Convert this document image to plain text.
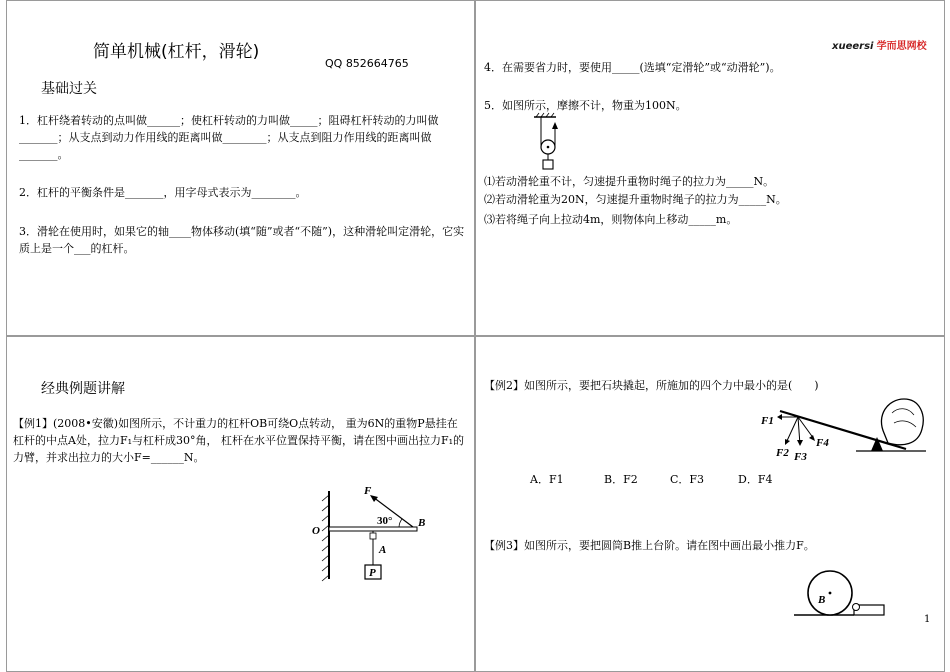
简单机械(杠杆，滑轮)
QQ 852664765
基础过关
1．杠杆绕着转动的点叫做______；使杠杆转动的力叫做_____；阻碍杠杆转动的力叫做_______；从支点到动力作用线的距离叫做________；从支点到阻力作用线的距离叫做_______。
2．杠杆的平衡条件是_______，用字母式表示为________。
3．滑轮在使用时，如果它的轴____物体移动(填“随”或者“不随”)，这种滑轮叫定滑轮，它实质上是一个___的杠杆。
xueersi 学而思网校
4．在需要省力时，要使用_____(选填“定滑轮”或“动滑轮”)。
5．如图所示，摩擦不计，物重为100N。
⑴若动滑轮重不计，匀速提升重物时绳子的拉力为_____N。
⑵若动滑轮重为20N，匀速提升重物时绳子的拉力为_____N。
⑶若将绳子向上拉动4m，则物体向上移动_____m。
经典例题讲解
【例1】(2008•安徽)如图所示，不计重力的杠杆OB可绕O点转动， 重为6N的重物P悬挂在杠杆的中点A处，拉力F₁与杠杆成30°角， 杠杆在水平位置保持平衡，请在图中画出拉力F₁的力臂，并求出拉力的大小F=______N。
F
30° B
O
A
P
【例2】如图所示，要把石块撬起，所施加的四个力中最小的是(　　)
F1
F2 F3
F4
A．F1	B．F2	C．F3	D．F4
【例3】如图所示，要把圆筒B推上台阶。请在图中画出最小推力F。
B
1
